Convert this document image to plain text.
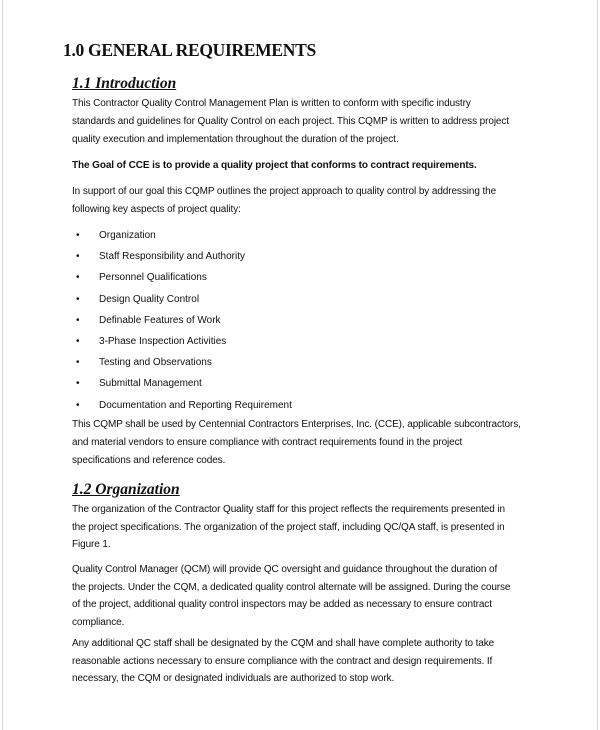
1.0 GENERAL REQUIREMENTS
1.1 Introduction
This Contractor Quality Control Management Plan is written to conform with specific industry
standards and guidelines for Quality Control on each project. This CQMP is written to address project
quality execution and implementation throughout the duration of the project.
The Goal of CCE is to provide a quality project that conforms to contract requirements.
In support of our goal this CQMP outlines the project approach to quality control by addressing the
following key aspects of project quality:
• Organization
• Staff Responsibility and Authority
• Personnel Qualifications
• Design Quality Control
• Definable Features of Work
• 3-Phase Inspection Activities
• Testing and Observations
• Submittal Management
• Documentation and Reporting Requirement
This CQMP shall be used by Centennial Contractors Enterprises, Inc. (CCE), applicable subcontractors,
and material vendors to ensure compliance with contract requirements found in the project
specifications and reference codes.
1.2 Organization
The organization of the Contractor Quality staff for this project reflects the requirements presented in
the project specifications. The organization of the project staff, including QC/QA staff, is presented in
Figure 1.
Quality Control Manager (QCM) will provide QC oversight and guidance throughout the duration of
the projects. Under the CQM, a dedicated quality control alternate will be assigned. During the course
of the project, additional quality control inspectors may be added as necessary to ensure contract
compliance.
Any additional QC staff shall be designated by the CQM and shall have complete authority to take
reasonable actions necessary to ensure compliance with the contract and design requirements. If
necessary, the CQM or designated individuals are authorized to stop work.
